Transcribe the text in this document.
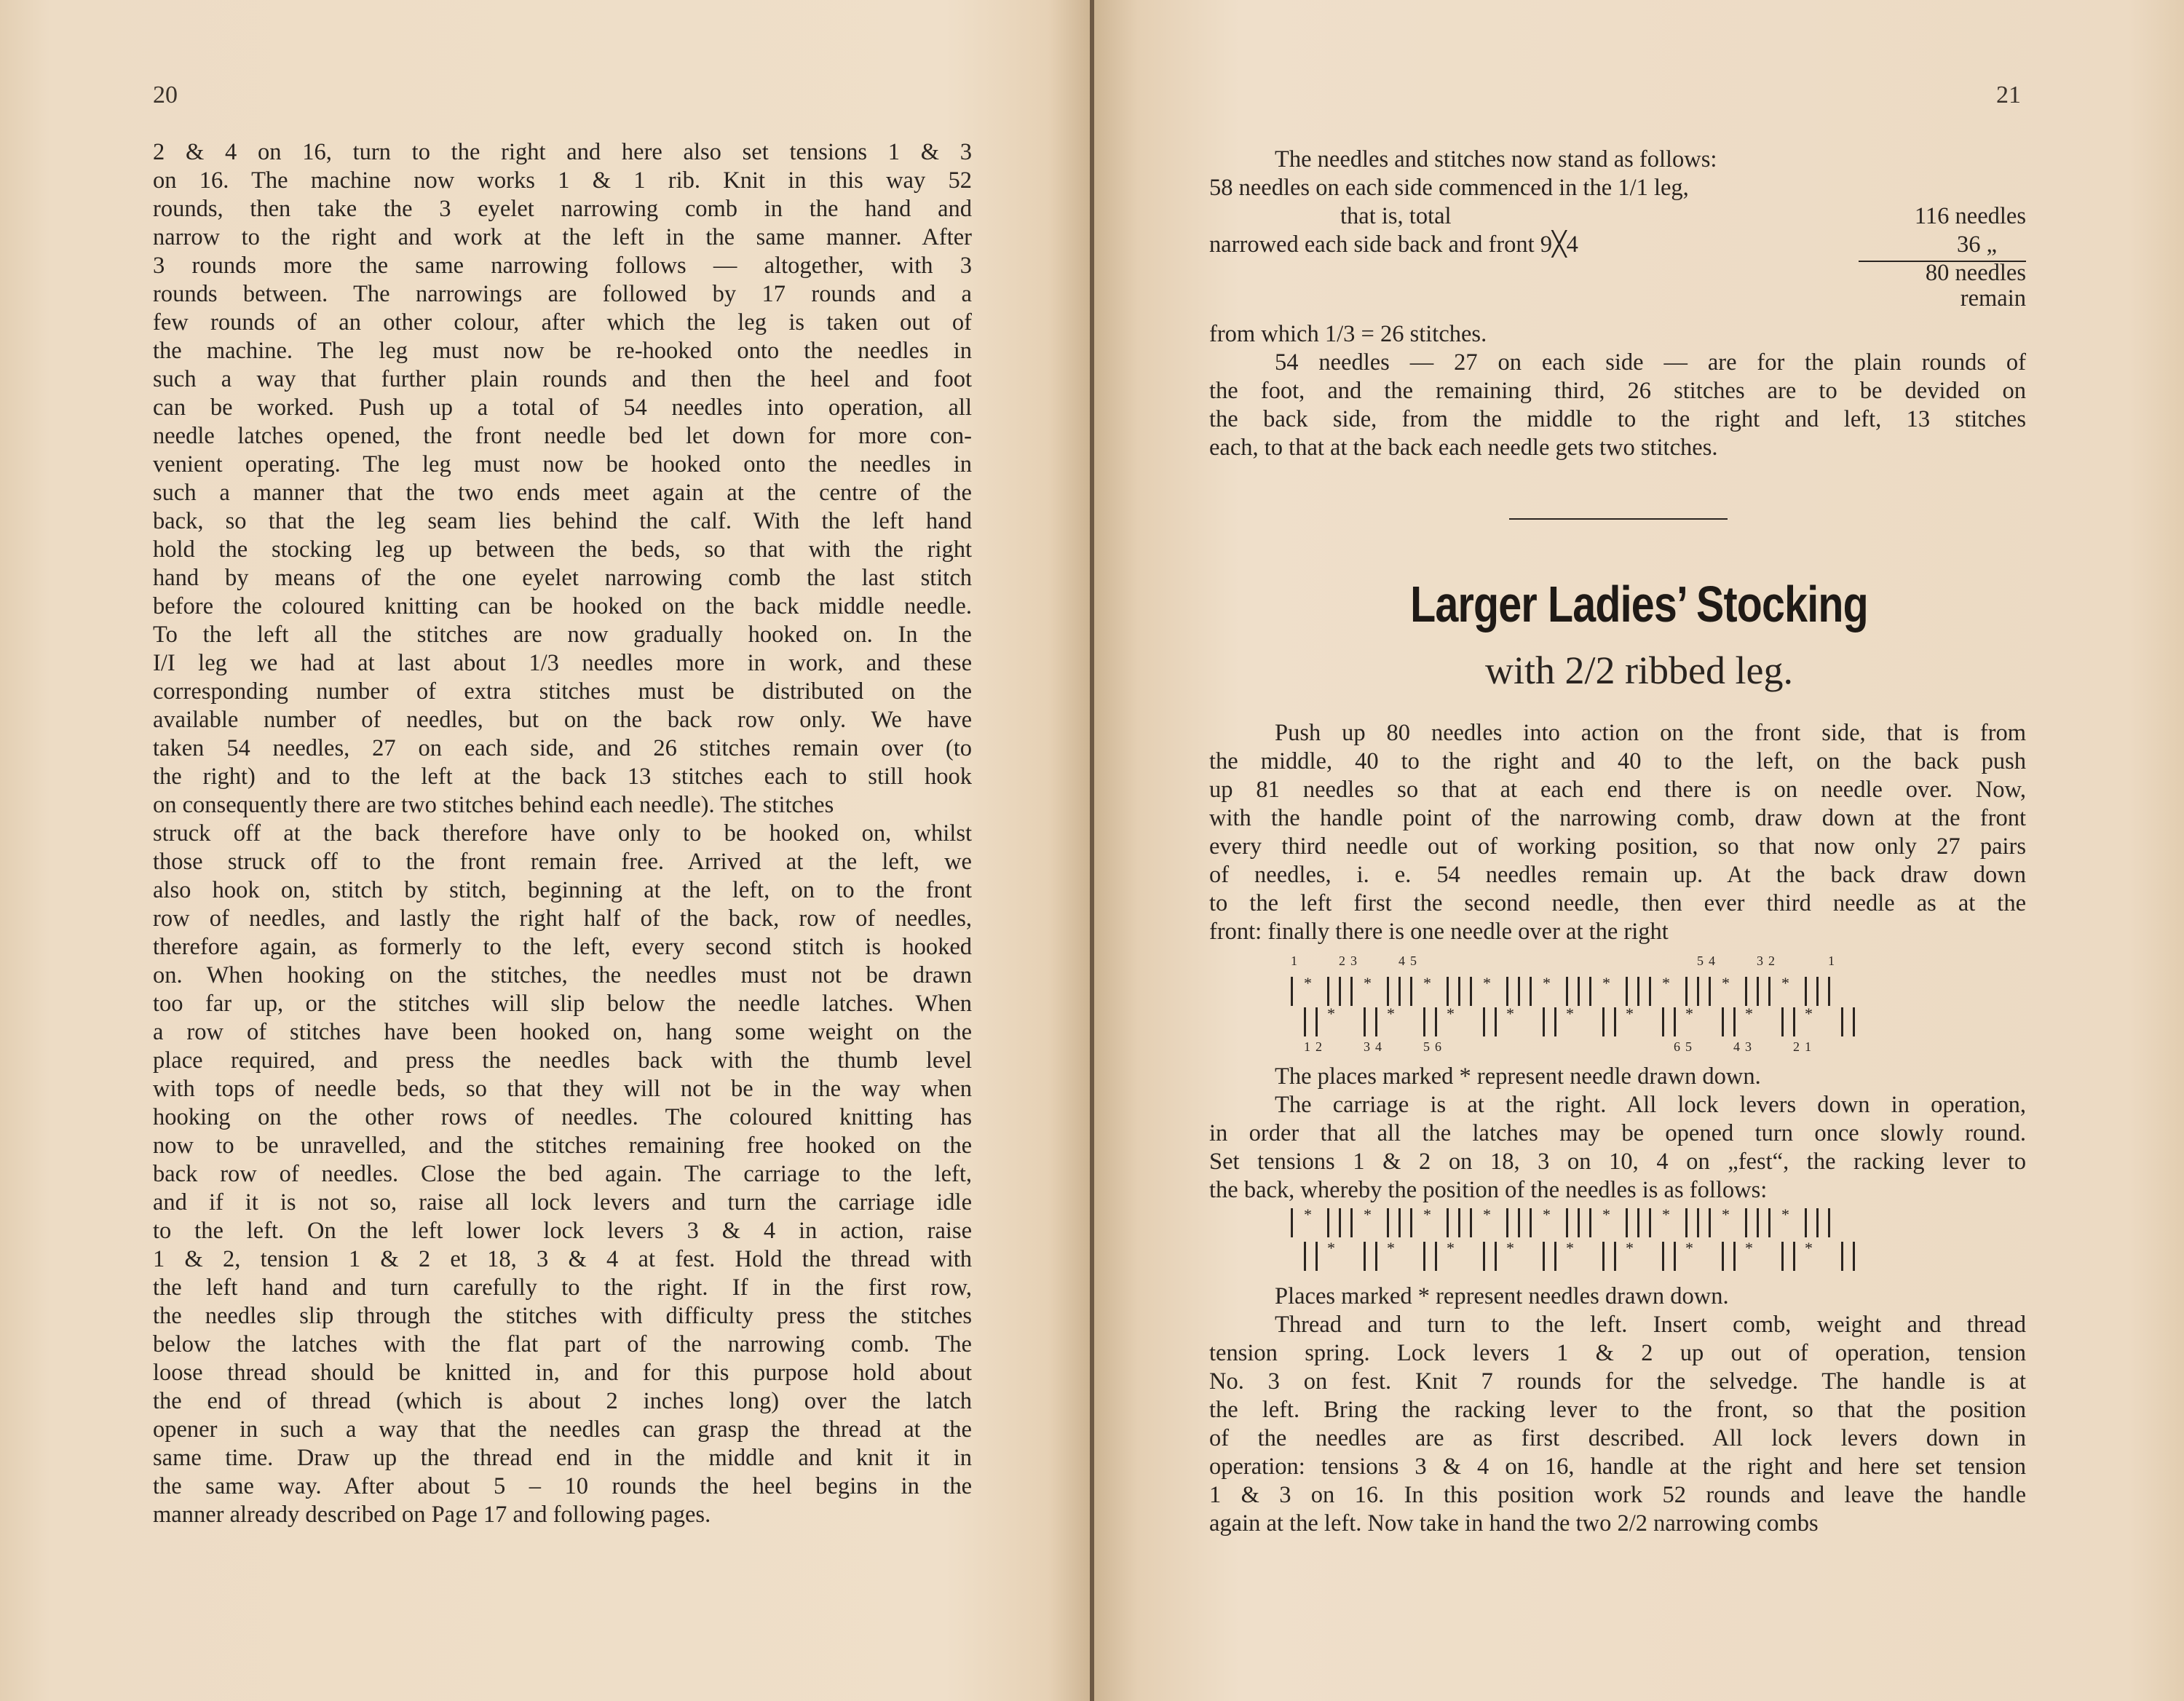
20
2 & 4 on 16, turn to the right and here also set tensions 1 & 3
on 16. The machine now works 1 & 1 rib. Knit in this way 52
rounds, then take the 3 eyelet narrowing comb in the hand and
narrow to the right and work at the left in the same manner. After
3 rounds more the same narrowing follows — altogether, with 3
rounds between. The narrowings are followed by 17 rounds and a
few rounds of an other colour, after which the leg is taken out of
the machine. The leg must now be re-hooked onto the needles in
such a way that further plain rounds and then the heel and foot
can be worked. Push up a total of 54 needles into operation, all
needle latches opened, the front needle bed let down for more con-
venient operating. The leg must now be hooked onto the needles in
such a manner that the two ends meet again at the centre of the
back, so that the leg seam lies behind the calf. With the left hand
hold the stocking leg up between the beds, so that with the right
hand by means of the one eyelet narrowing comb the last stitch
before the coloured knitting can be hooked on the back middle needle.
To the left all the stitches are now gradually hooked on. In the
I/I leg we had at last about 1/3 needles more in work, and these
corresponding number of extra stitches must be distributed on the
available number of needles, but on the back row only. We have
taken 54 needles, 27 on each side, and 26 stitches remain over (to
the right) and to the left at the back 13 stitches each to still hook
on consequently there are two stitches behind each needle). The stitches
struck off at the back therefore have only to be hooked on, whilst
those struck off to the front remain free. Arrived at the left, we
also hook on, stitch by stitch, beginning at the left, on to the front
row of needles, and lastly the right half of the back, row of needles,
therefore again, as formerly to the left, every second stitch is hooked
on. When hooking on the stitches, the needles must not be drawn
too far up, or the stitches will slip below the needle latches. When
a row of stitches have been hooked on, hang some weight on the
place required, and press the needles back with the thumb level
with tops of needle beds, so that they will not be in the way when
hooking on the other rows of needles. The coloured knitting has
now to be unravelled, and the stitches remaining free hooked on the
back row of needles. Close the bed again. The carriage to the left,
and if it is not so, raise all lock levers and turn the carriage idle
to the left. On the left lower lock levers 3 & 4 in action, raise
1 & 2, tension 1 & 2 et 18, 3 & 4 at fest. Hold the thread with
the left hand and turn carefully to the right. If in the first row,
the needles slip through the stitches with difficulty press the stitches
below the latches with the flat part of the narrowing comb. The
loose thread should be knitted in, and for this purpose hold about
the end of thread (which is about 2 inches long) over the latch
opener in such a way that the needles can grasp the thread at the
same time. Draw up the thread end in the middle and knit it in
the same way. After about 5 – 10 rounds the heel begins in the
manner already described on Page 17 and following pages.
21
The needles and stitches now stand as follows:
58 needles on each side commenced in the 1/1 leg,
that is, total	116 needles
narrowed each side back and front 9╳4	36 „
80 needles
remain
from which 1/3 = 26 stitches.
54 needles — 27 on each side — are for the plain rounds of
the foot, and the remaining third, 26 stitches are to be devided on
the back side, from the middle to the right and left, 13 stitches
each, to that at the back each needle gets two stitches.
Larger Ladies’ Stocking
with 2/2 ribbed leg.
Push up 80 needles into action on the front side, that is from
the middle, 40 to the right and 40 to the left, on the back push
up 81 needles so that at each end there is on needle over. Now,
with the handle point of the narrowing comb, draw down at the front
every third needle out of working position, so that now only 27 pairs
of needles, i. e. 54 needles remain up. At the back draw down
to the left first the second needle, then ever third needle as at the
front: finally there is one needle over at the right
*	*	*	*	*	*	*	*	*
*	*	*	*	*	*	*	*	*
1	2 3	4 5	5 4	3 2	1
1 2	3 4	5 6	6 5	4 3	2 1
The places marked * represent needle drawn down.
The carriage is at the right. All lock levers down in operation,
in order that all the latches may be opened turn once slowly round.
Set tensions 1 & 2 on 18, 3 on 10, 4 on „fest“, the racking lever to
the back, whereby the position of the needles is as follows:
*	*	*	*	*	*	*	*	*
*	*	*	*	*	*	*	*	*
Places marked * represent needles drawn down.
Thread and turn to the left. Insert comb, weight and thread
tension spring. Lock levers 1 & 2 up out of operation, tension
No. 3 on fest. Knit 7 rounds for the selvedge. The handle is at
the left. Bring the racking lever to the front, so that the position
of the needles are as first described. All lock levers down in
operation: tensions 3 & 4 on 16, handle at the right and here set tension
1 & 3 on 16. In this position work 52 rounds and leave the handle
again at the left. Now take in hand the two 2/2 narrowing combs
